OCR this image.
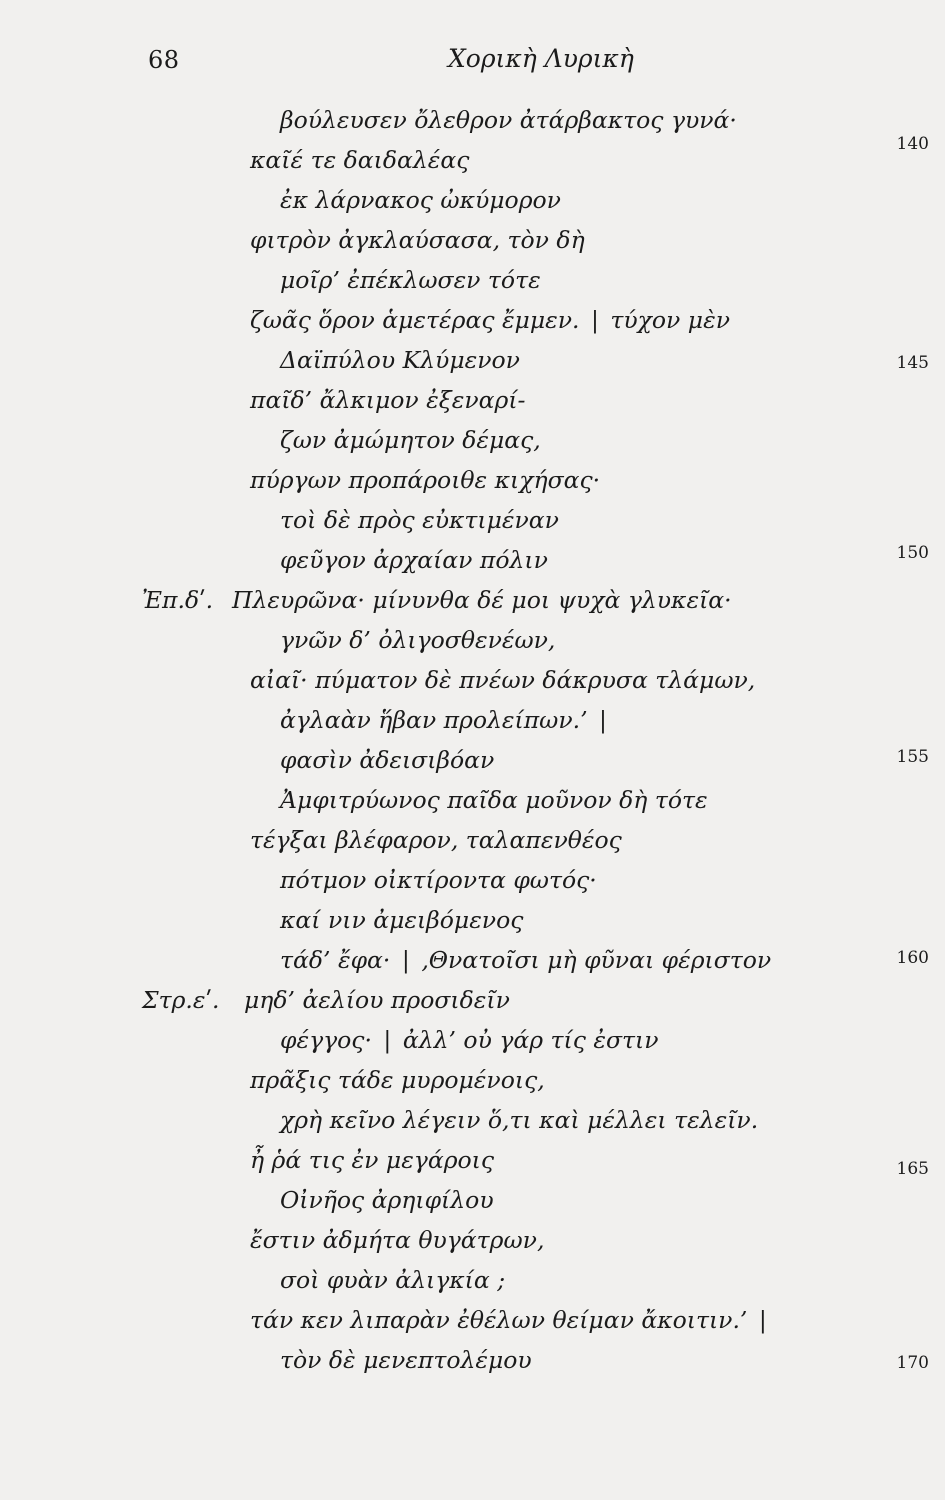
68	Χορικὴ Λυρικὴ
βούλευσεν ὄλεθρον ἀτάρβακτος γυνά·
140
καῖέ τε δαιδαλέας
ἐκ λάρνακος ὠκύμορον
φιτρὸν ἀγκλαύσασα, τὸν δὴ
μοῖρ’ ἐπέκλωσεν τότε
ζωᾶς ὅρον ἁμετέρας ἔμμεν. | τύχον μὲν
Δαϊπύλου Κλύμενον	145
παῖδ’ ἄλκιμον ἐξεναρί-
ζων ἀμώμητον δέμας,
πύργων προπάροιθε κιχήσας·
τοὶ δὲ πρὸς εὐκτιμέναν
φεῦγον ἀρχαίαν πόλιν	150
Ἐπ.δʹ. Πλευρῶνα· μίνυνθα δέ μοι ψυχὰ γλυκεῖα·
γνῶν δ’ ὀλιγοσθενέων,
αἰαῖ· πύματον δὲ πνέων δάκρυσα τλάμων,
ἀγλαὰν ἥβαν προλείπων.’ |
φασὶν ἀδεισιβόαν	155
Ἀμφιτρύωνος παῖδα μοῦνον δὴ τότε
τέγξαι βλέφαρον, ταλαπενθέος
πότμον οἰκτίροντα φωτός·
καί νιν ἀμειβόμενος
τάδ’ ἔφα· | ‚Θνατοῖσι μὴ φῦναι φέριστον	160
Στρ.εʹ. μηδ’ ἀελίου προσιδεῖν
φέγγος· | ἀλλ’ οὐ γάρ τίς ἐστιν
πρᾶξις τάδε μυρομένοις,
χρὴ κεῖνο λέγειν ὅ,τι καὶ μέλλει τελεῖν.
ἦ ῥά τις ἐν μεγάροις	165
Οἰνῆος ἀρηιφίλου
ἔστιν ἀδμήτα θυγάτρων,
σοὶ φυὰν ἀλιγκία ;
τάν κεν λιπαρὰν ἐθέλων θείμαν ἄκοιτιν.’ |
τὸν δὲ μενεπτολέμου	170
